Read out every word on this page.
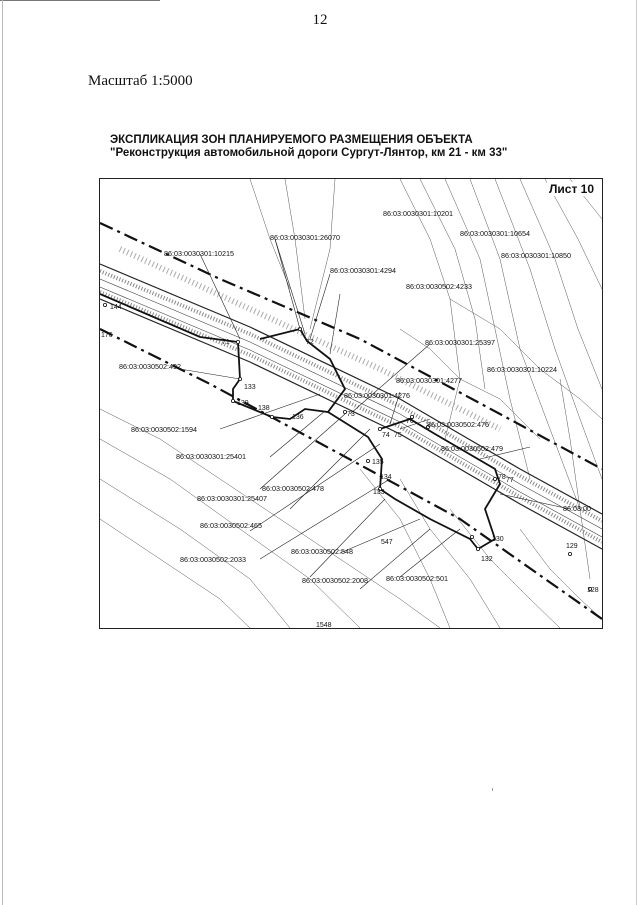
12
Масштаб 1:5000
ЭКСПЛИКАЦИЯ ЗОН ПЛАНИРУЕМОГО РАЗМЕЩЕНИЯ ОБЪЕКТА
"Реконструкция автомобильной дороги Сургут-Лянтор, км 21 - км 33"
86:03:0030301:10201
86:03:0030301:10654
86:03:0030301:26070
86:03:0030301:10215	86:03:0030301:10850
86:03:0030301:4294
86:03:0030502:4233
86:03:0030301:25397
86:03:0030502:492	86:03:0030301:10224
86:03:0030301:4277
86:03:0030301:4276
86:03:0030502:476
86:03:0030502:1594
86:03:0030502:479
86:03:0030301:25401
86:03:0030502:478
86:03:0030301:25407
86:03:00
86:03:0030502:465
86:03:0030502:548
86:03:0030502:2033
86:03:0030502:2008	86:03:0030502:501
144
176
71	72
133
139
138
136	73
74 75
76
135
134
133
77
78
130
132
129
128
547
1548
Лист 10
